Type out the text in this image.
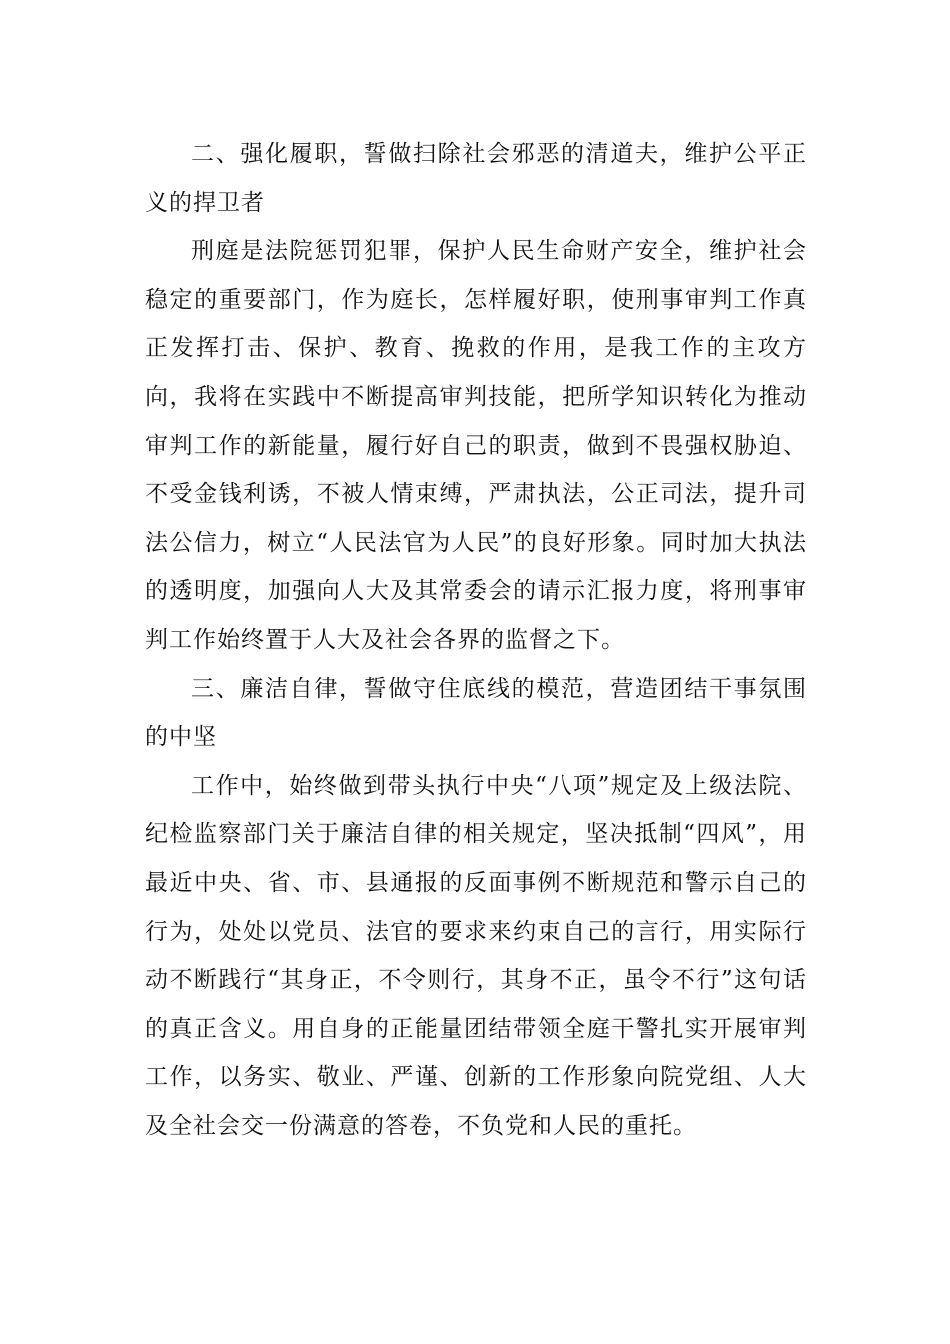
二、强化履职，誓做扫除社会邪恶的清道夫，维护公平正义的捍卫者

刑庭是法院惩罚犯罪，保护人民生命财产安全，维护社会稳定的重要部门，作为庭长，怎样履好职，使刑事审判工作真正发挥打击、保护、教育、挽救的作用，是我工作的主攻方向，我将在实践中不断提高审判技能，把所学知识转化为推动审判工作的新能量，履行好自己的职责，做到不畏强权胁迫、不受金钱利诱，不被人情束缚，严肃执法，公正司法，提升司法公信力，树立“人民法官为人民”的良好形象。同时加大执法的透明度，加强向人大及其常委会的请示汇报力度，将刑事审判工作始终置于人大及社会各界的监督之下。

三、廉洁自律，誓做守住底线的模范，营造团结干事氛围的中坚

工作中，始终做到带头执行中央“八项”规定及上级法院、纪检监察部门关于廉洁自律的相关规定，坚决抵制“四风”，用最近中央、省、市、县通报的反面事例不断规范和警示自己的行为，处处以党员、法官的要求来约束自己的言行，用实际行动不断践行“其身正，不令则行，其身不正，虽令不行”这句话的真正含义。用自身的正能量团结带领全庭干警扎实开展审判工作，以务实、敬业、严谨、创新的工作形象向院党组、人大及全社会交一份满意的答卷，不负党和人民的重托。
